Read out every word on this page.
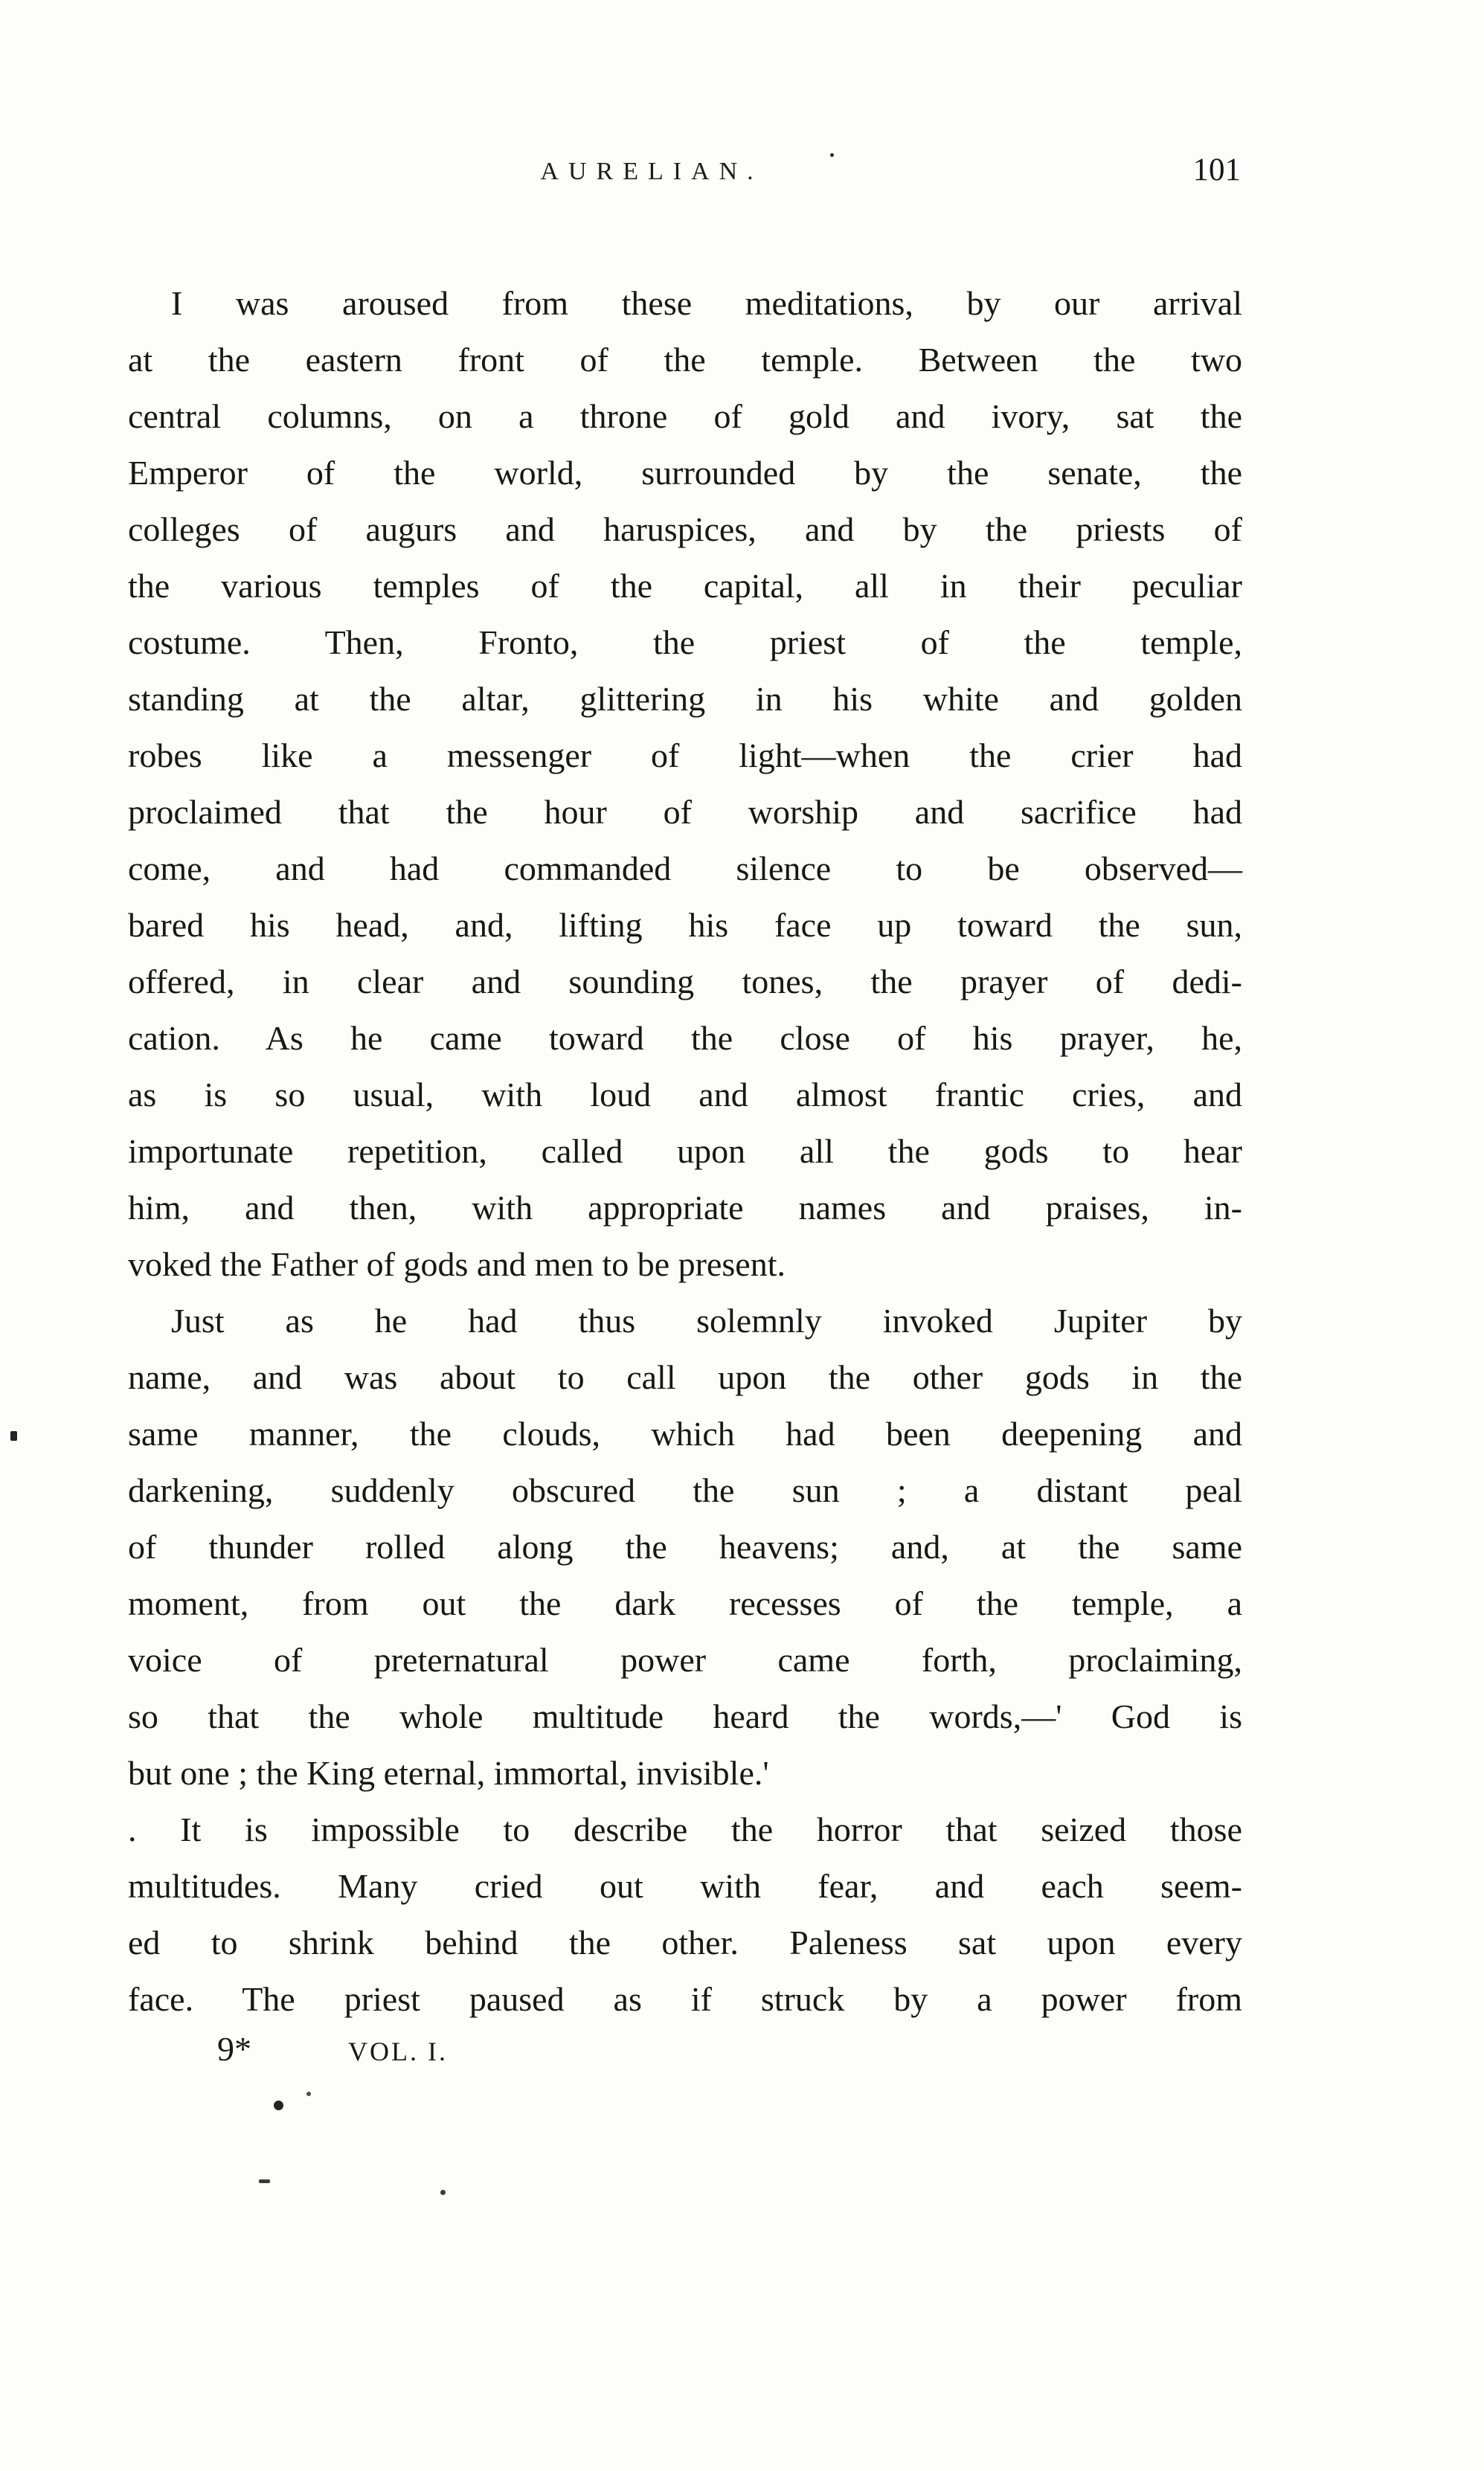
AURELIAN.	101
I was aroused from these meditations, by our arrival
at the eastern front of the temple. Between the two
central columns, on a throne of gold and ivory, sat the
Emperor of the world, surrounded by the senate, the
colleges of augurs and haruspices, and by the priests of
the various temples of the capital, all in their peculiar
costume. Then, Fronto, the priest of the temple,
standing at the altar, glittering in his white and golden
robes like a messenger of light—when the crier had
proclaimed that the hour of worship and sacrifice had
come, and had commanded silence to be observed—
bared his head, and, lifting his face up toward the sun,
offered, in clear and sounding tones, the prayer of dedi-
cation. As he came toward the close of his prayer, he,
as is so usual, with loud and almost frantic cries, and
importunate repetition, called upon all the gods to hear
him, and then, with appropriate names and praises, in-
voked the Father of gods and men to be present.
Just as he had thus solemnly invoked Jupiter by
name, and was about to call upon the other gods in the
same manner, the clouds, which had been deepening and
darkening, suddenly obscured the sun ; a distant peal
of thunder rolled along the heavens; and, at the same
moment, from out the dark recesses of the temple, a
voice of preternatural power came forth, proclaiming,
so that the whole multitude heard the words,—' God is
but one ; the King eternal, immortal, invisible.'
. It is impossible to describe the horror that seized those
multitudes. Many cried out with fear, and each seem-
ed to shrink behind the other. Paleness sat upon every
face. The priest paused as if struck by a power from
9*	VOL. I.
